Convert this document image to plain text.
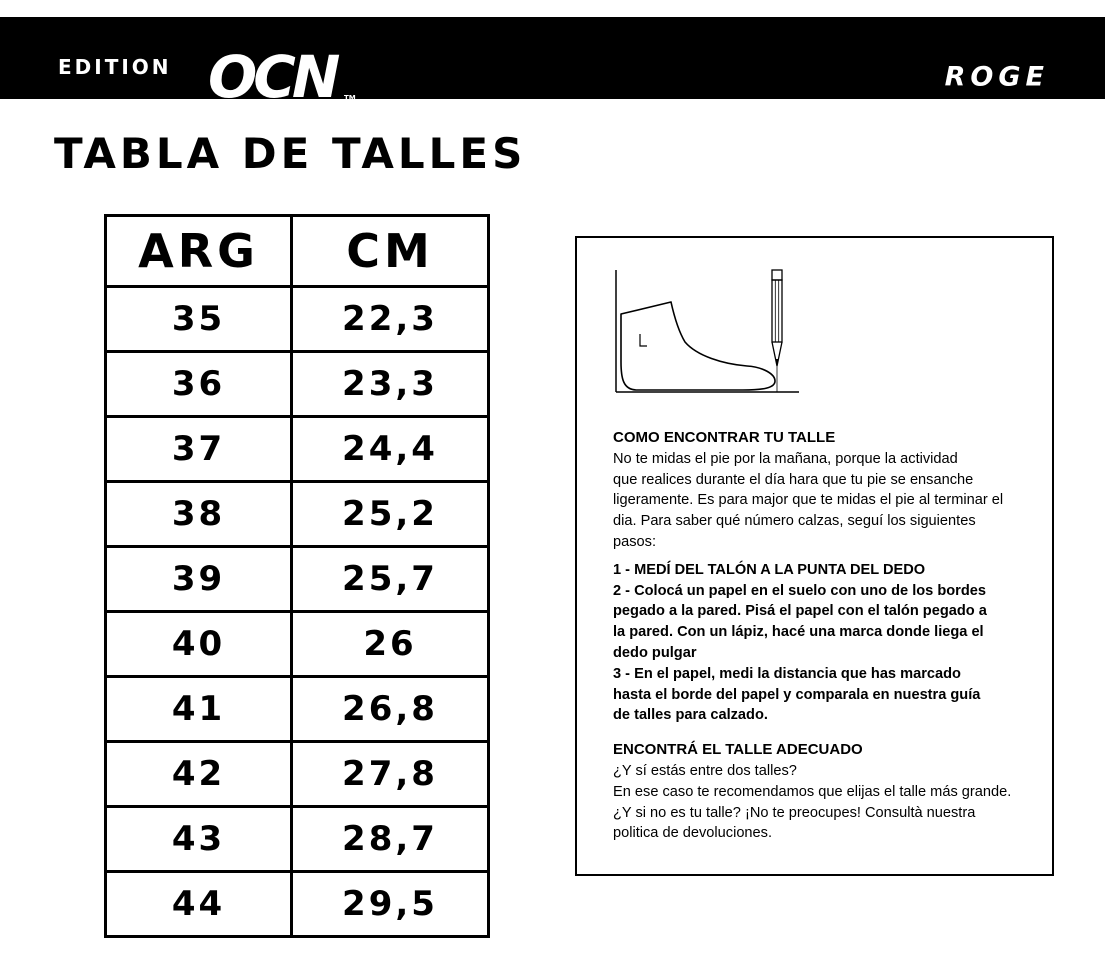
EDITION OCN	TM
ROGE
TABLA DE TALLES
ARG	CM
35	22,3
36	23,3
37	24,4
38	25,2
39	25,7
40	26
41	26,8
42	27,8
43	28,7
44	29,5

COMO ENCONTRAR TU TALLE

No te midas el pie por la mañana, porque la actividad

que realices durante el día hara que tu pie se ensanche

ligeramente. Es para major que te midas el pie al terminar el

dia. Para saber qué número calzas, seguí los siguientes

pasos:

1 - MEDÍ DEL TALÓN A LA PUNTA DEL DEDO

2 - Colocá un papel en el suelo con uno de los bordes

pegado a la pared. Pisá el papel con el talón pegado a

la pared. Con un lápiz, hacé una marca donde liega el

dedo pulgar

3 - En el papel, medi la distancia que has marcado

hasta el borde del papel y comparala en nuestra guía

de talles para calzado.

ENCONTRÁ EL TALLE ADECUADO

¿Y sí estás entre dos talles?

En ese caso te recomendamos que elijas el talle más grande.

¿Y si no es tu talle? ¡No te preocupes! Consultà nuestra

politica de devoluciones.
